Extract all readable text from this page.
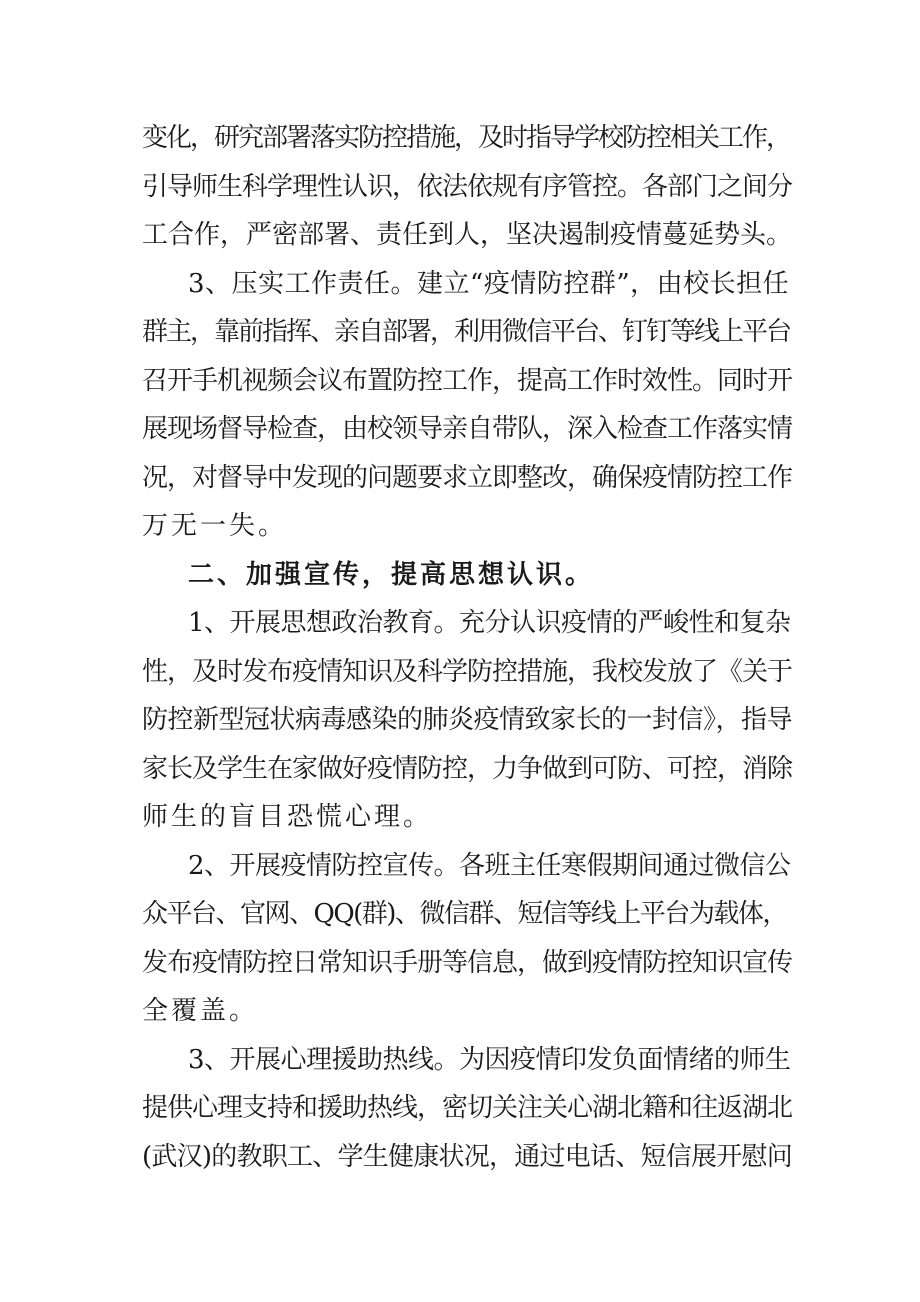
变化，研究部署落实防控措施，及时指导学校防控相关工作，
引导师生科学理性认识，依法依规有序管控。各部门之间分
工合作，严密部署、责任到人，坚决遏制疫情蔓延势头。
3、压实工作责任。建立“疫情防控群”，由校长担任
群主，靠前指挥、亲自部署，利用微信平台、钉钉等线上平台
召开手机视频会议布置防控工作，提高工作时效性。同时开
展现场督导检查，由校领导亲自带队，深入检查工作落实情
况，对督导中发现的问题要求立即整改，确保疫情防控工作
万无一失。
二、加强宣传，提高思想认识。
1、开展思想政治教育。充分认识疫情的严峻性和复杂
性，及时发布疫情知识及科学防控措施，我校发放了《关于
防控新型冠状病毒感染的肺炎疫情致家长的一封信》，指导
家长及学生在家做好疫情防控，力争做到可防、可控，消除
师生的盲目恐慌心理。
2、开展疫情防控宣传。各班主任寒假期间通过微信公
众平台、官网、QQ(群)、微信群、短信等线上平台为载体，
发布疫情防控日常知识手册等信息，做到疫情防控知识宣传
全覆盖。
3、开展心理援助热线。为因疫情印发负面情绪的师生
提供心理支持和援助热线，密切关注关心湖北籍和往返湖北
(武汉)的教职工、学生健康状况，通过电话、短信展开慰问
